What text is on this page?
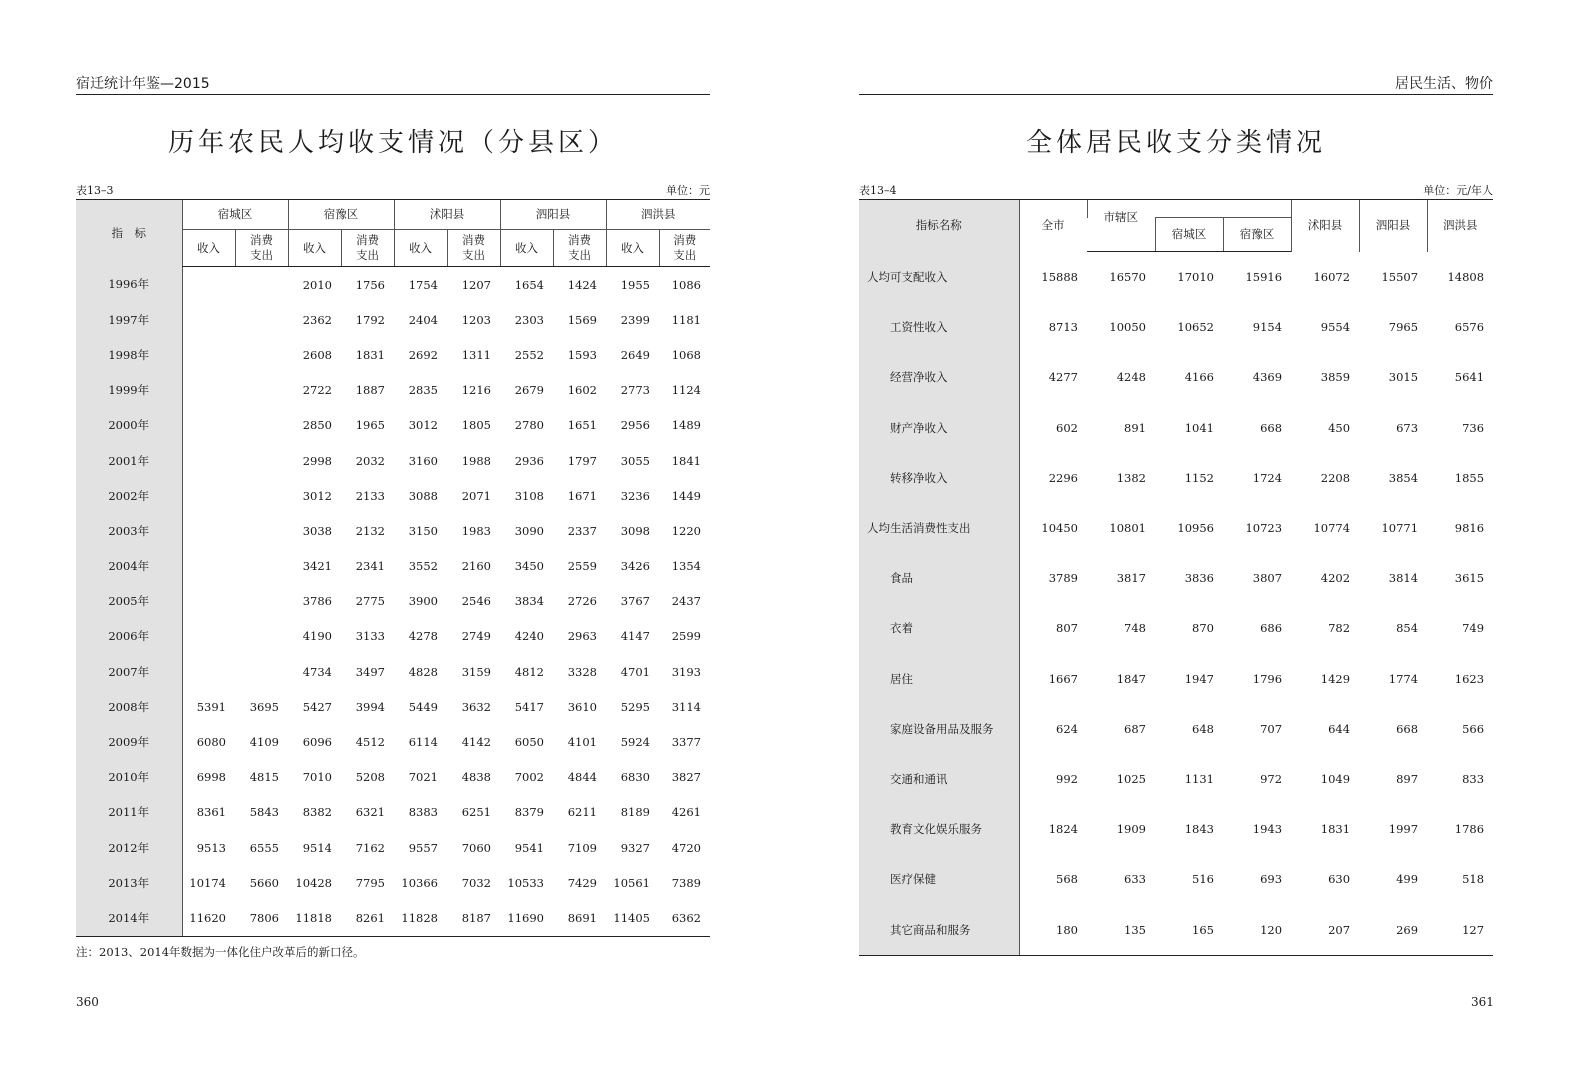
宿迁统计年鉴—2015
历年农民人均收支情况（分县区）
表13–3	单位：元
指　标	宿城区		宿豫区		沭阳县		泗阳县		泗洪县	
	收入	消费支出	收入	消费支出	收入	消费支出	收入	消费支出	收入	消费支出
1996年			2010	1756	1754	1207	1654	1424	1955	1086
1997年			2362	1792	2404	1203	2303	1569	2399	1181
1998年			2608	1831	2692	1311	2552	1593	2649	1068
1999年			2722	1887	2835	1216	2679	1602	2773	1124
2000年			2850	1965	3012	1805	2780	1651	2956	1489
2001年			2998	2032	3160	1988	2936	1797	3055	1841
2002年			3012	2133	3088	2071	3108	1671	3236	1449
2003年			3038	2132	3150	1983	3090	2337	3098	1220
2004年			3421	2341	3552	2160	3450	2559	3426	1354
2005年			3786	2775	3900	2546	3834	2726	3767	2437
2006年			4190	3133	4278	2749	4240	2963	4147	2599
2007年			4734	3497	4828	3159	4812	3328	4701	3193
2008年	5391	3695	5427	3994	5449	3632	5417	3610	5295	3114
2009年	6080	4109	6096	4512	6114	4142	6050	4101	5924	3377
2010年	6998	4815	7010	5208	7021	4838	7002	4844	6830	3827
2011年	8361	5843	8382	6321	8383	6251	8379	6211	8189	4261
2012年	9513	6555	9514	7162	9557	7060	9541	7109	9327	4720
2013年	10174	5660	10428	7795	10366	7032	10533	7429	10561	7389
2014年	11620	7806	11818	8261	11828	8187	11690	8691	11405	6362
注：2013、2014年数据为一体化住户改革后的新口径。
360
居民生活、物价
全体居民收支分类情况
表13–4	单位：元/年人
指标名称	全市	市辖区			沭阳县	泗阳县	泗洪县
			宿城区	宿豫区			
人均可支配收入	15888	16570	17010	15916	16072	15507	14808
工资性收入	8713	10050	10652	9154	9554	7965	6576
经营净收入	4277	4248	4166	4369	3859	3015	5641
财产净收入	602	891	1041	668	450	673	736
转移净收入	2296	1382	1152	1724	2208	3854	1855
人均生活消费性支出	10450	10801	10956	10723	10774	10771	9816
食品	3789	3817	3836	3807	4202	3814	3615
衣着	807	748	870	686	782	854	749
居住	1667	1847	1947	1796	1429	1774	1623
家庭设备用品及服务	624	687	648	707	644	668	566
交通和通讯	992	1025	1131	972	1049	897	833
教育文化娱乐服务	1824	1909	1843	1943	1831	1997	1786
医疗保健	568	633	516	693	630	499	518
其它商品和服务	180	135	165	120	207	269	127
361
